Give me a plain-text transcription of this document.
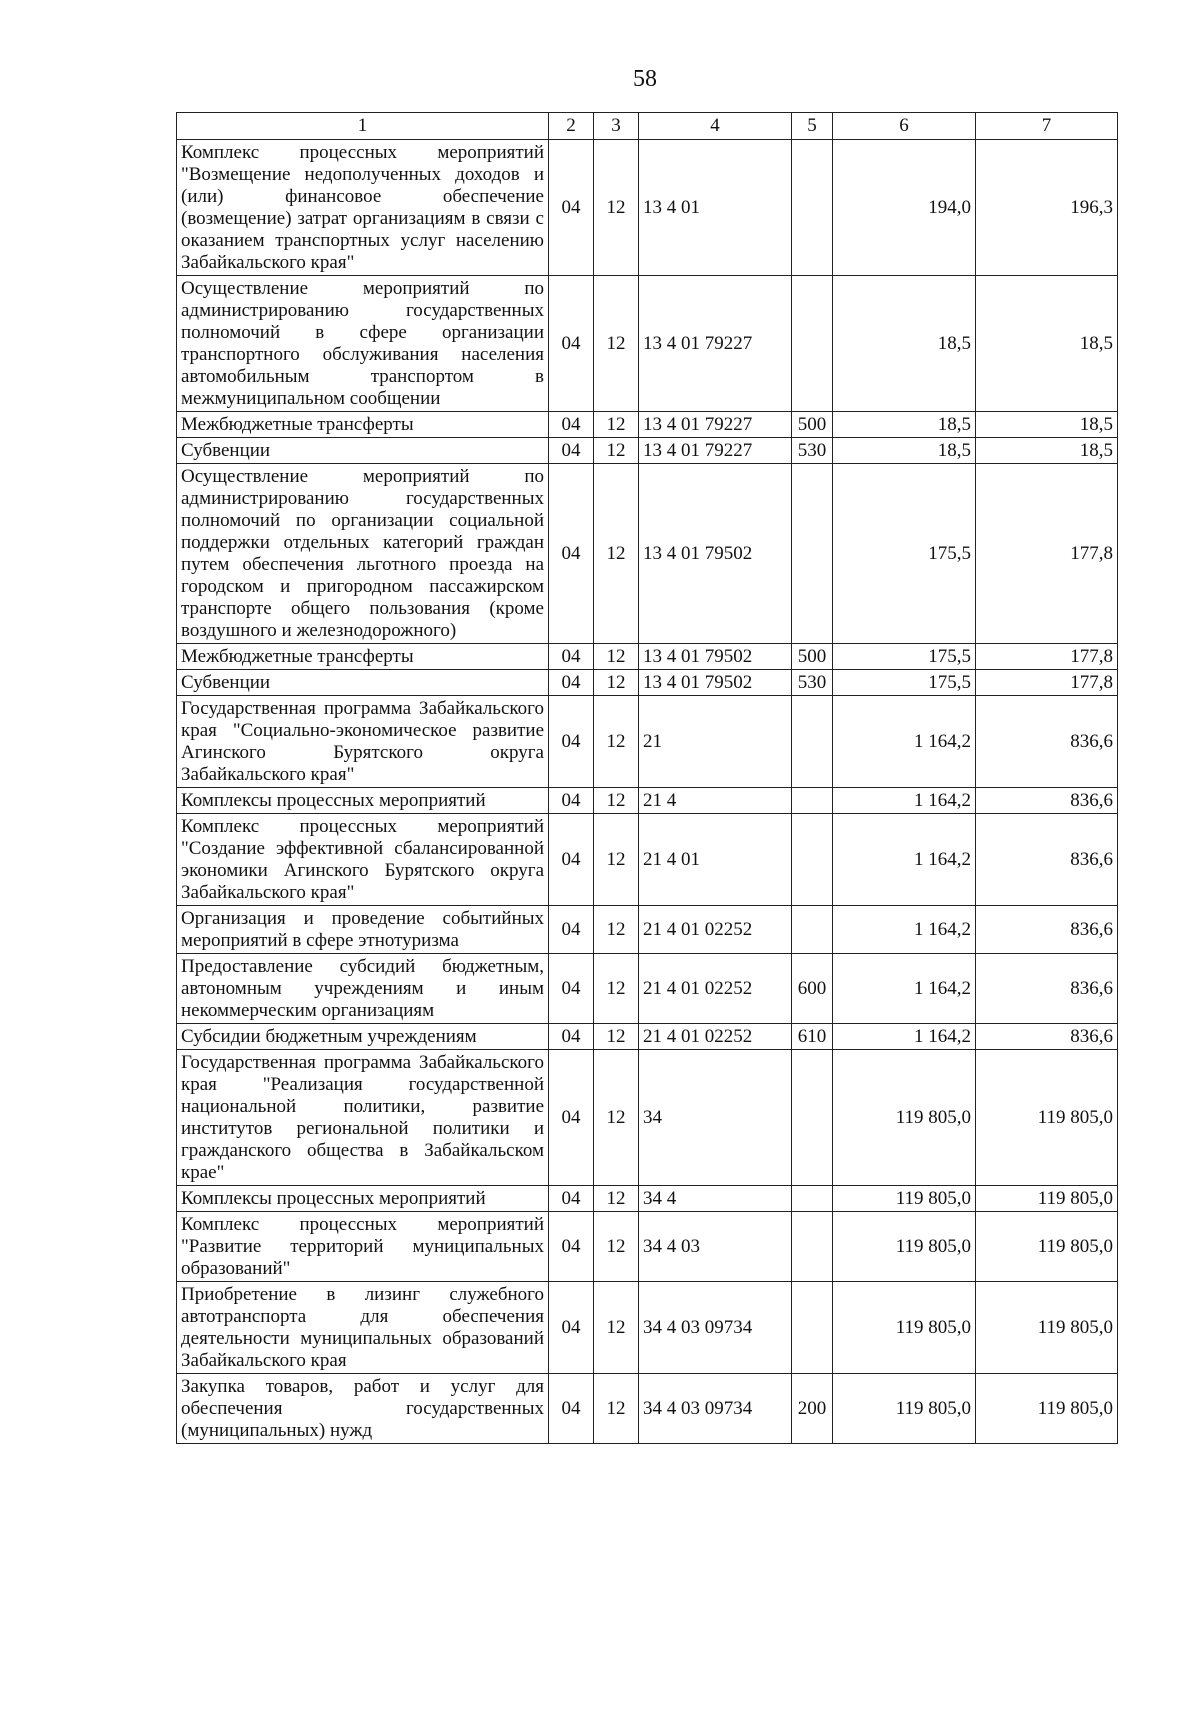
58
1	2	3	4	5	6	7
Комплекс процессных мероприятий "Возмещение недополученных доходов и (или) финансовое обеспечение (возмещение) затрат организациям в связи с оказанием транспортных услуг населению Забайкальского края"	04	12	13 4 01		194,0	196,3
Осуществление мероприятий по администрированию государственных полномочий в сфере организации транспортного обслуживания населения автомобильным транспортом в межмуниципальном сообщении	04	12	13 4 01 79227		18,5	18,5
Межбюджетные трансферты	04	12	13 4 01 79227	500	18,5	18,5
Субвенции	04	12	13 4 01 79227	530	18,5	18,5
Осуществление мероприятий по администрированию государственных полномочий по организации социальной поддержки отдельных категорий граждан путем обеспечения льготного проезда на городском и пригородном пассажирском транспорте общего пользования (кроме воздушного и железнодорожного)	04	12	13 4 01 79502		175,5	177,8
Межбюджетные трансферты	04	12	13 4 01 79502	500	175,5	177,8
Субвенции	04	12	13 4 01 79502	530	175,5	177,8
Государственная программа Забайкальского края "Социально-экономическое развитие Агинского Бурятского округа Забайкальского края"	04	12	21		1 164,2	836,6
Комплексы процессных мероприятий	04	12	21 4		1 164,2	836,6
Комплекс процессных мероприятий "Создание эффективной сбалансированной экономики Агинского Бурятского округа Забайкальского края"	04	12	21 4 01		1 164,2	836,6
Организация и проведение событийных мероприятий в сфере этнотуризма	04	12	21 4 01 02252		1 164,2	836,6
Предоставление субсидий бюджетным, автономным учреждениям и иным некоммерческим организациям	04	12	21 4 01 02252	600	1 164,2	836,6
Субсидии бюджетным учреждениям	04	12	21 4 01 02252	610	1 164,2	836,6
Государственная программа Забайкальского края "Реализация государственной национальной политики, развитие институтов региональной политики и гражданского общества в Забайкальском крае"	04	12	34		119 805,0	119 805,0
Комплексы процессных мероприятий	04	12	34 4		119 805,0	119 805,0
Комплекс процессных мероприятий "Развитие территорий муниципальных образований"	04	12	34 4 03		119 805,0	119 805,0
Приобретение в лизинг служебного автотранспорта для обеспечения деятельности муниципальных образований Забайкальского края	04	12	34 4 03 09734		119 805,0	119 805,0
Закупка товаров, работ и услуг для обеспечения государственных (муниципальных) нужд	04	12	34 4 03 09734	200	119 805,0	119 805,0
